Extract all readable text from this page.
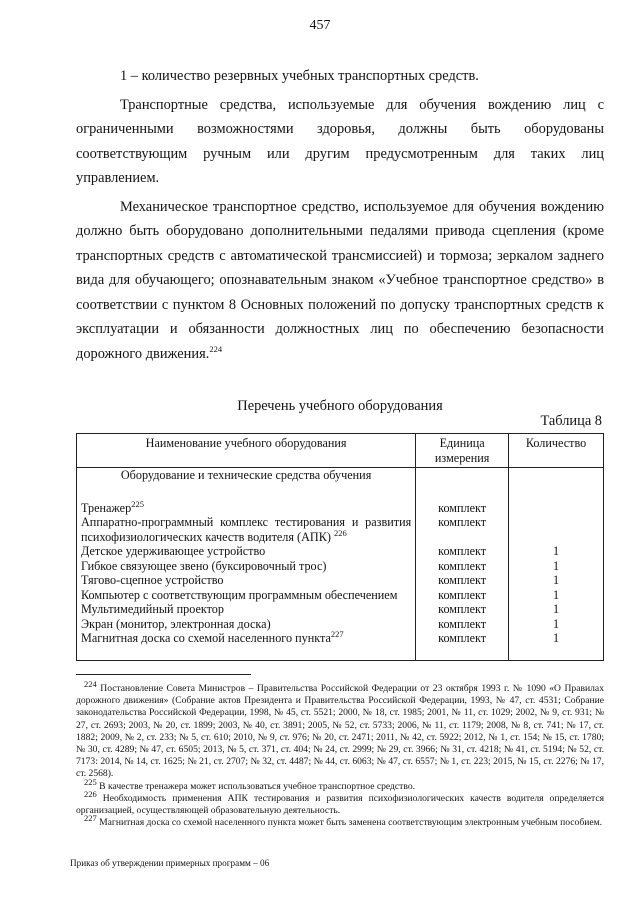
457

1 – количество резервных учебных транспортных средств.

Транспортные средства, используемые для обучения вождению лиц с ограниченными возможностями здоровья, должны быть оборудованы соответствующим ручным или другим предусмотренным для таких лиц управлением.

Механическое транспортное средство, используемое для обучения вождению должно быть оборудовано дополнительными педалями привода сцепления (кроме транспортных средств с автоматической трансмиссией) и тормоза; зеркалом заднего вида для обучающего; опознавательным знаком «Учебное транспортное средство» в соответствии с пунктом 8 Основных положений по допуску транспортных средств к эксплуатации и обязанности должностных лиц по обеспечению безопасности дорожного движения.$^{224}$

Перечень учебного оборудования
Таблица 8
Наименование учебного оборудования	Единица измерения	Количество
Оборудование и технические средства обучения		
Тренажер$^{225}$	комплект	
Аппаратно-программный комплекс тестирования и развития психофизиологических качеств водителя (АПК) $^{226}$	комплект	
Детское удерживающее устройство	комплект	1
Гибкое связующее звено (буксировочный трос)	комплект	1
Тягово-сцепное устройство	комплект	1
Компьютер с соответствующим программным обеспечением	комплект	1
Мультимедийный проектор	комплект	1
Экран (монитор, электронная доска)	комплект	1
Магнитная доска со схемой населенного пункта$^{227}$	комплект	1

$^{224}$ Постановление Совета Министров – Правительства Российской Федерации от 23 октября 1993 г. № 1090 «О Правилах дорожного движения» (Собрание актов Президента и Правительства Российской Федерации, 1993, № 47, ст. 4531; Собрание законодательства Российской Федерации, 1998, № 45, ст. 5521; 2000, № 18, ст. 1985; 2001, № 11, ст. 1029; 2002, № 9, ст. 931; № 27, ст. 2693; 2003, № 20, ст. 1899; 2003, № 40, ст. 3891; 2005, № 52, ст. 5733; 2006, № 11, ст. 1179; 2008, № 8, ст. 741; № 17, ст. 1882; 2009, № 2, ст. 233; № 5, ст. 610; 2010, № 9, ст. 976; № 20, ст. 2471; 2011, № 42, ст. 5922; 2012, № 1, ст. 154; № 15, ст. 1780; № 30, ст. 4289; № 47, ст. 6505; 2013, № 5, ст. 371, ст. 404; № 24, ст. 2999; № 29, ст. 3966; № 31, ст. 4218; № 41, ст. 5194; № 52, ст. 7173: 2014, № 14, ст. 1625; № 21, ст. 2707; № 32, ст. 4487; № 44, ст. 6063; № 47, ст. 6557; № 1, ст. 223; 2015, № 15, ст. 2276; № 17, ст. 2568).

$^{225}$ В качестве тренажера может использоваться учебное транспортное средство.

$^{226}$ Необходимость применения АПК тестирования и развития психофизиологических качеств водителя определяется организацией, осуществляющей образовательную деятельность.

$^{227}$ Магнитная доска со схемой населенного пункта может быть заменена соответствующим электронным учебным пособием.

Приказ об утверждении примерных программ – 06
